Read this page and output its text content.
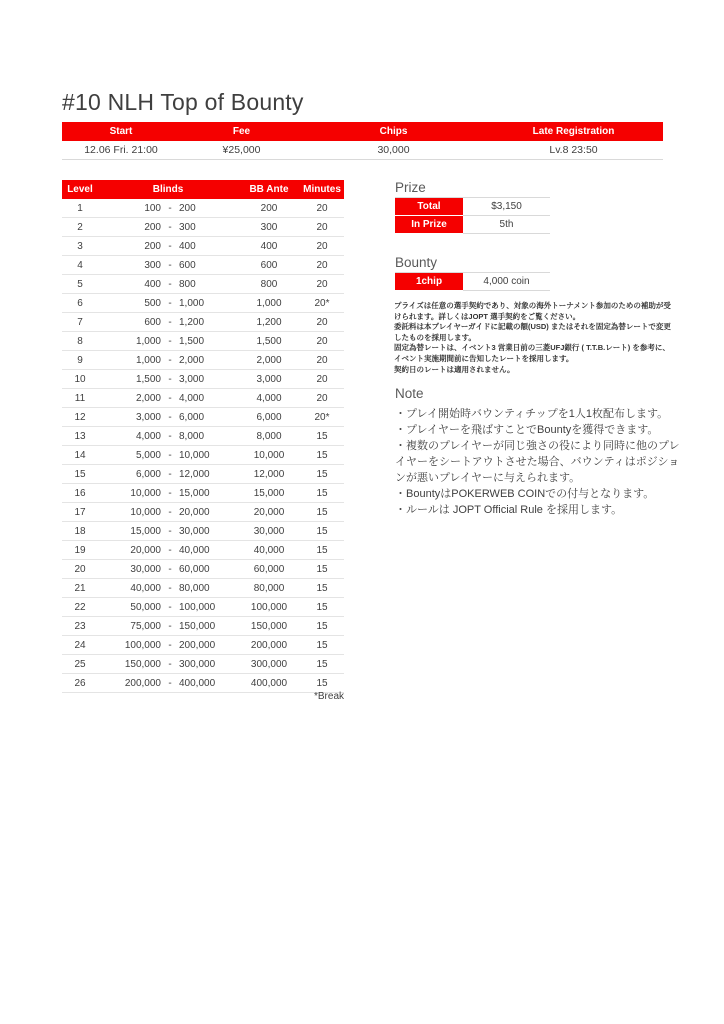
#10 NLH Top of Bounty
Start	Fee	Chips	Late Registration
12.06 Fri. 21:00	¥25,000	30,000	Lv.8 23:50
Level	Blinds	BB Ante	Minutes
1	100 - 200	200	20
2	200 - 300	300	20
3	200 - 400	400	20
4	300 - 600	600	20
5	400 - 800	800	20
6	500 - 1,000	1,000	20*
7	600 - 1,200	1,200	20
8	1,000 - 1,500	1,500	20
9	1,000 - 2,000	2,000	20
10	1,500 - 3,000	3,000	20
11	2,000 - 4,000	4,000	20
12	3,000 - 6,000	6,000	20*
13	4,000 - 8,000	8,000	15
14	5,000 - 10,000	10,000	15
15	6,000 - 12,000	12,000	15
16	10,000 - 15,000	15,000	15
17	10,000 - 20,000	20,000	15
18	15,000 - 30,000	30,000	15
19	20,000 - 40,000	40,000	15
20	30,000 - 60,000	60,000	15
21	40,000 - 80,000	80,000	15
22	50,000 - 100,000	100,000	15
23	75,000 - 150,000	150,000	15
24	100,000 - 200,000	200,000	15
25	150,000 - 300,000	300,000	15
26	200,000 - 400,000	400,000	15
*Break
Prize
Total	$3,150
In Prize	5th
Bounty
1chip	4,000 coin
プライズは任意の選手契約であり、対象の海外トーナメント参加のための補助が受けられます。詳しくはJOPT 選手契約をご覧ください。
委託料は本プレイヤーガイドに記載の額(USD) またはそれを固定為替レートで変更したものを採用します。
固定為替レートは、イベント3 営業日前の三菱UFJ銀行 ( T.T.B.レート) を参考に、イベント実施期間前に告知したレートを採用します。
契約日のレートは適用されません。
Note
・プレイ開始時バウンティチップを1人1枚配布します。
・プレイヤーを飛ばすことでBountyを獲得できます。
・複数のプレイヤーが同じ強さの役により同時に他のプレイヤーをシートアウトさせた場合、バウンティはポジションが悪いプレイヤーに与えられます。
・BountyはPOKERWEB COINでの付与となります。
・ルールは JOPT Official Rule を採用します。
